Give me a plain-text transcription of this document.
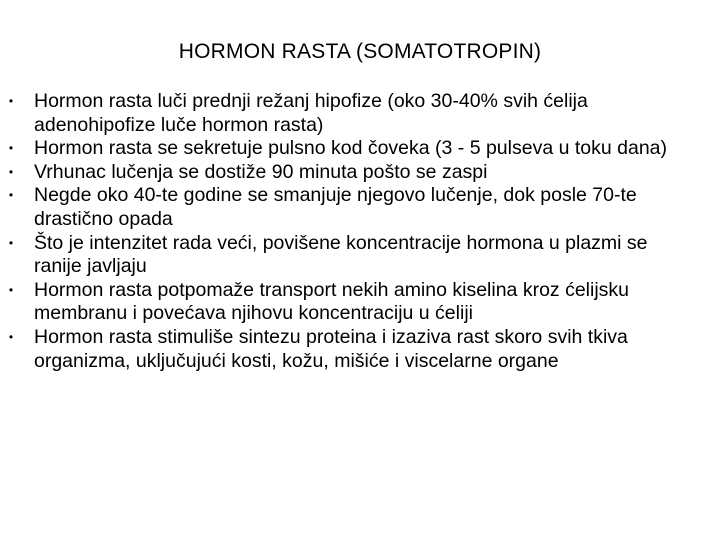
HORMON RASTA (SOMATOTROPIN)
• Hormon rasta luči prednji režanj hipofize (oko 30-40% svih ćelija adenohipofize luče hormon rasta)
• Hormon rasta se sekretuje pulsno kod čoveka (3 - 5 pulseva u toku dana)
• Vrhunac lučenja se dostiže 90 minuta pošto se zaspi
• Negde oko 40-te godine se smanjuje njegovo lučenje, dok posle 70-te drastično opada
• Što je intenzitet rada veći, povišene koncentracije hormona u plazmi se ranije javljaju
• Hormon rasta potpomaže transport nekih amino kiselina kroz ćelijsku membranu i povećava njihovu koncentraciju u ćeliji
• Hormon rasta stimuliše sintezu proteina i izaziva rast skoro svih tkiva organizma, uključujući kosti, kožu, mišiće i viscelarne organe
